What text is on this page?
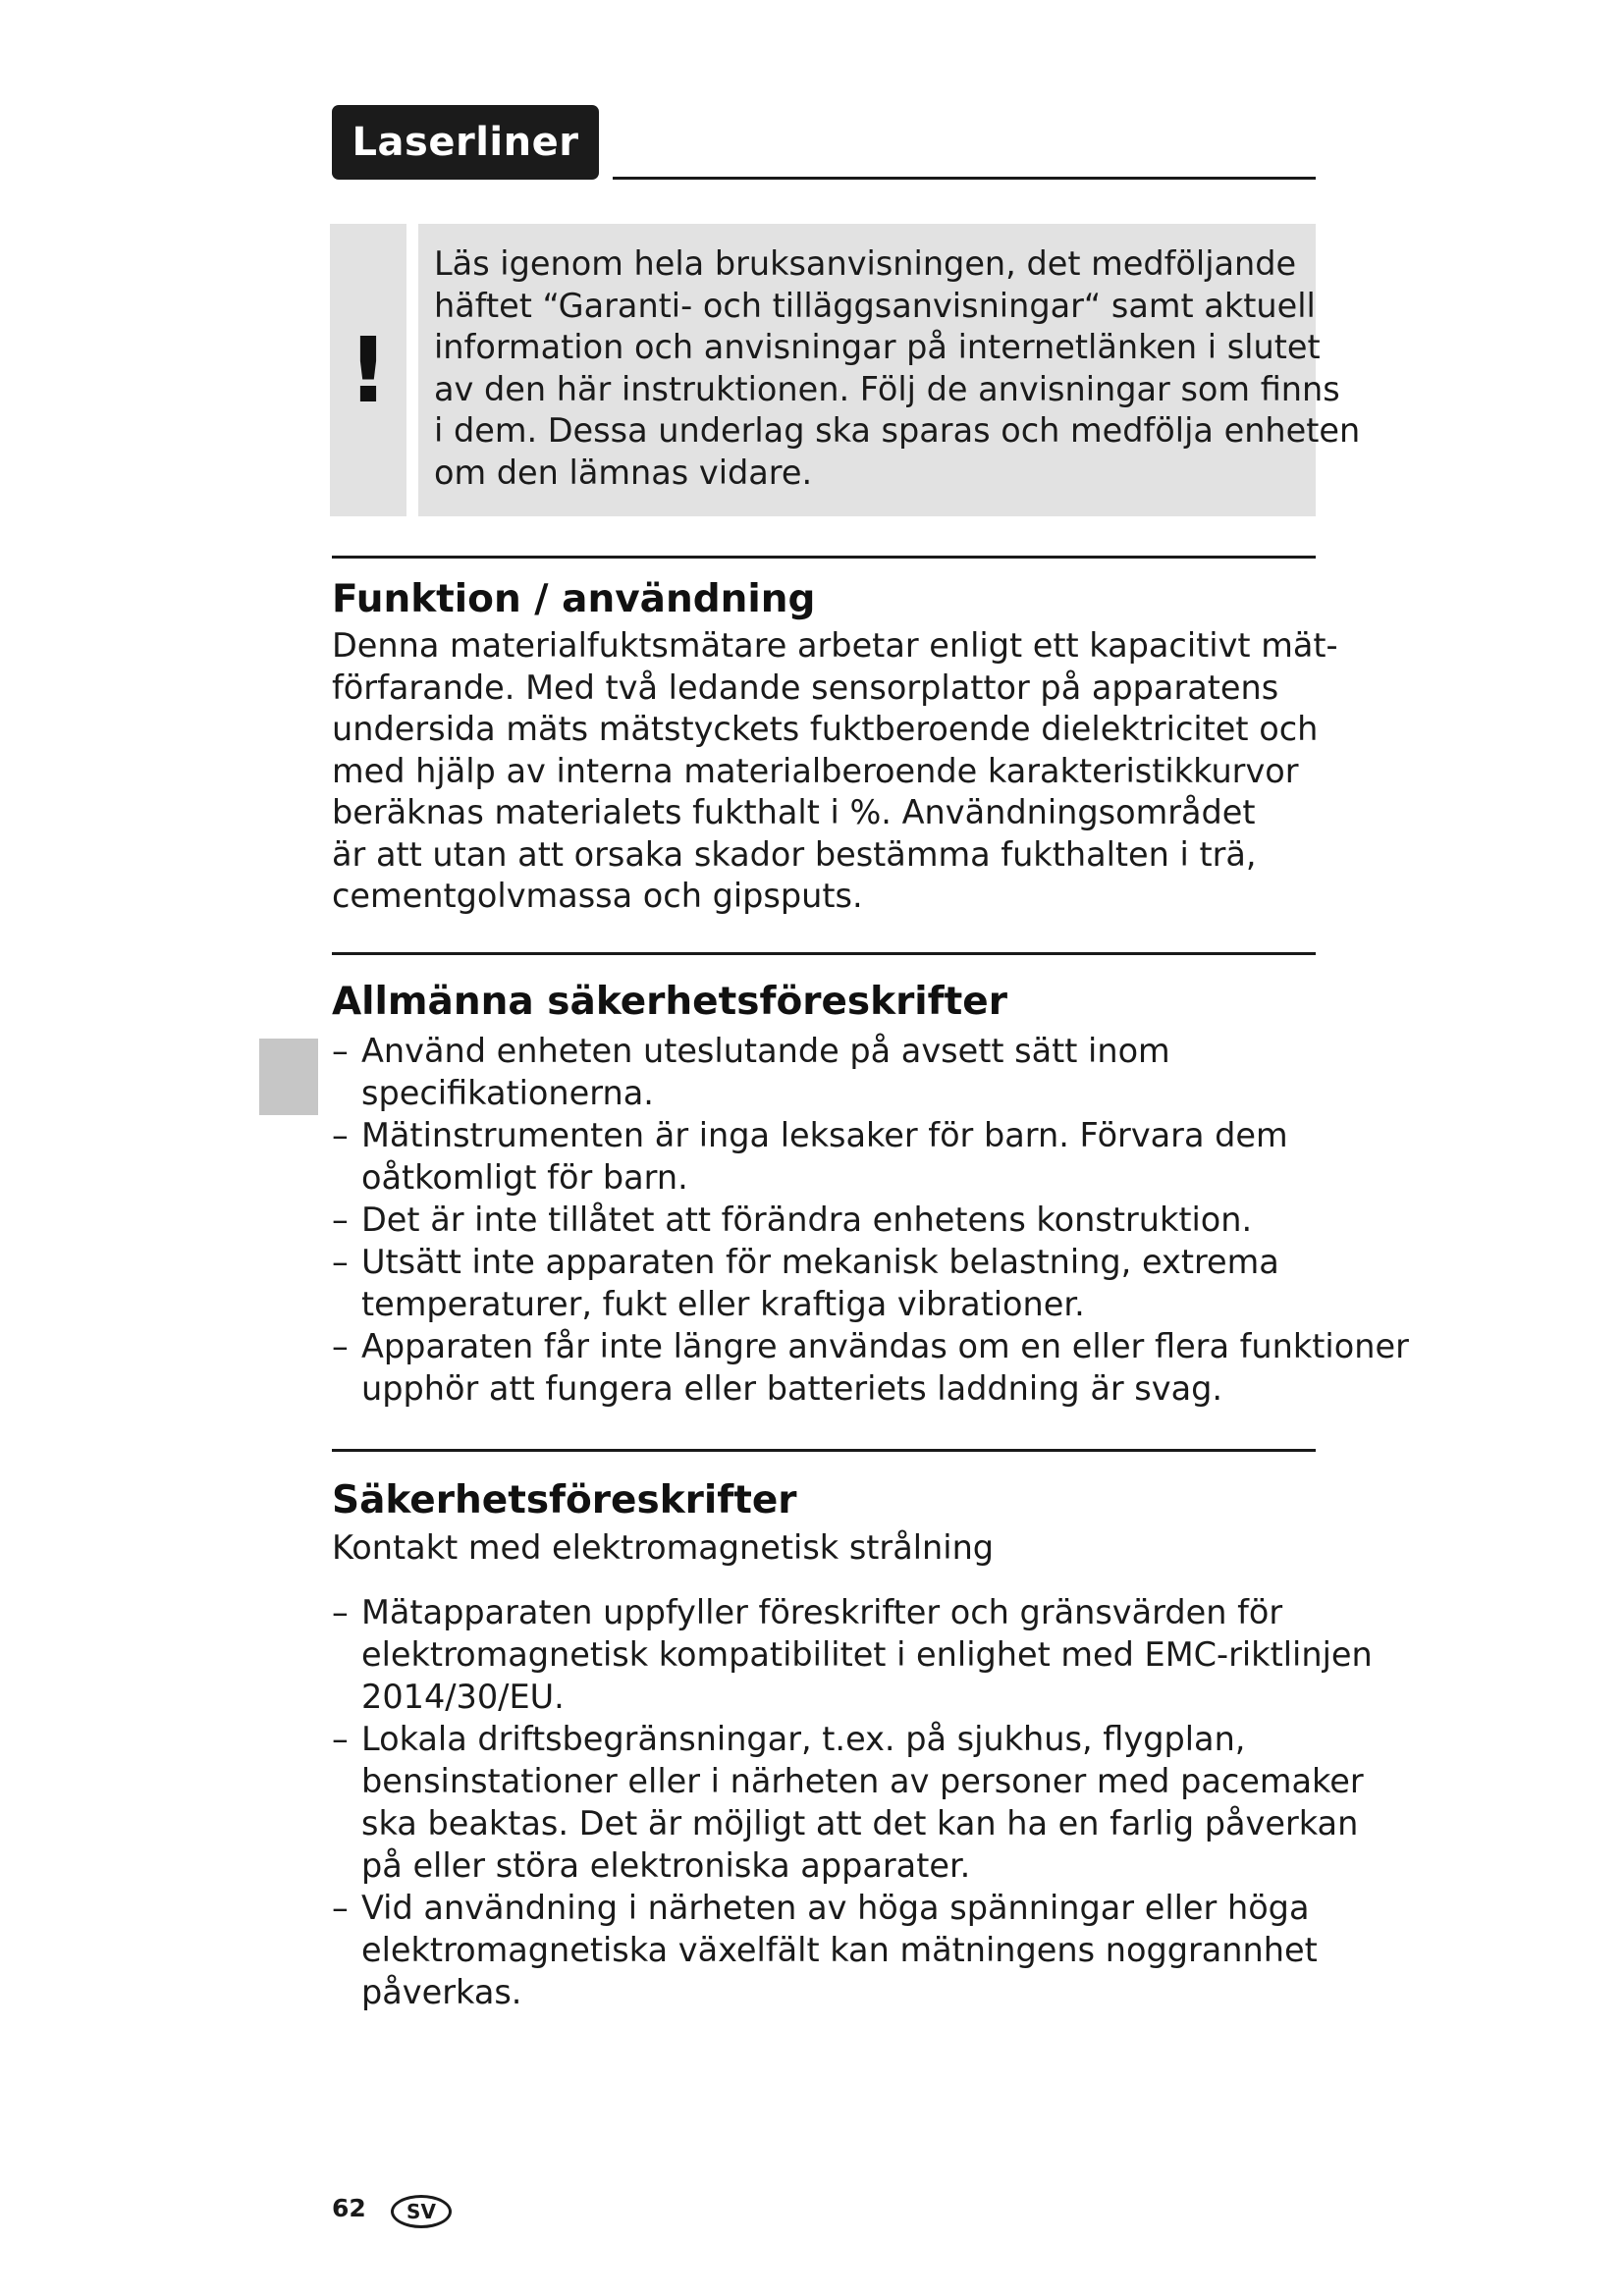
Laserliner
!
Läs igenom hela bruksanvisningen, det medföljande
häftet “Garanti- och tilläggsanvisningar“ samt aktuell
information och anvisningar på internetlänken i slutet
av den här instruktionen. Följ de anvisningar som finns
i dem. Dessa underlag ska sparas och medfölja enheten
om den lämnas vidare.
Funktion / användning
Denna materialfuktsmätare arbetar enligt ett kapacitivt mät-
förfarande. Med två ledande sensorplattor på apparatens
undersida mäts mätstyckets fuktberoende dielektricitet och
med hjälp av interna materialberoende karakteristikkurvor
beräknas materialets fukthalt i %. Användningsområdet
är att utan att orsaka skador bestämma fukthalten i trä,
cementgolvmassa och gipsputs.
Allmänna säkerhetsföreskrifter
– Använd enheten uteslutande på avsett sätt inom
specifikationerna.
– Mätinstrumenten är inga leksaker för barn. Förvara dem
oåtkomligt för barn.
– Det är inte tillåtet att förändra enhetens konstruktion.
– Utsätt inte apparaten för mekanisk belastning, extrema
temperaturer, fukt eller kraftiga vibrationer.
– Apparaten får inte längre användas om en eller flera funktioner
upphör att fungera eller batteriets laddning är svag.
Säkerhetsföreskrifter
Kontakt med elektromagnetisk strålning
– Mätapparaten uppfyller föreskrifter och gränsvärden för
elektromagnetisk kompatibilitet i enlighet med EMC-riktlinjen
2014/30/EU.
– Lokala driftsbegränsningar, t.ex. på sjukhus, flygplan,
bensinstationer eller i närheten av personer med pacemaker
ska beaktas. Det är möjligt att det kan ha en farlig påverkan
på eller störa elektroniska apparater.
– Vid användning i närheten av höga spänningar eller höga
elektromagnetiska växelfält kan mätningens noggrannhet
påverkas.
62 SV
